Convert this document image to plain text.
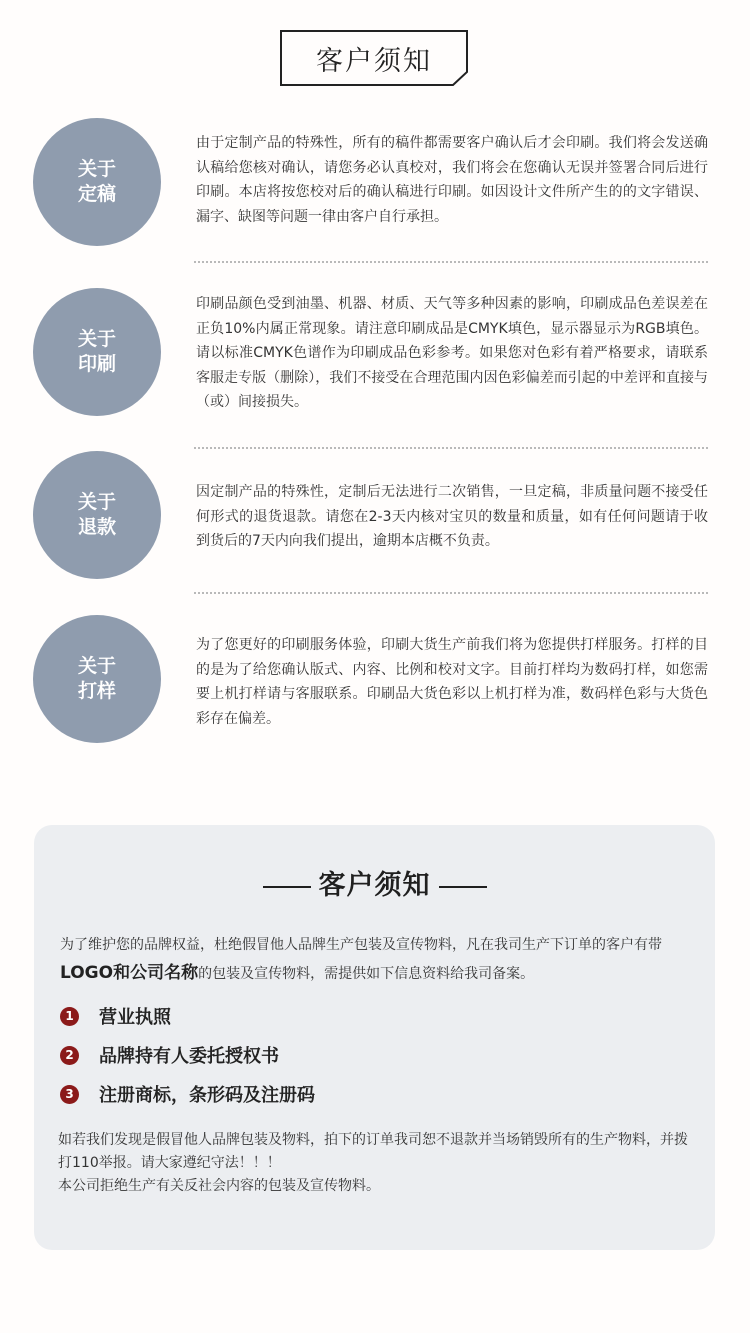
客户须知
关于
定稿
由于定制产品的特殊性，所有的稿件都需要客户确认后才会印刷。我们将会发送确认稿给您核对确认，请您务必认真校对，我们将会在您确认无误并签署合同后进行印刷。本店将按您校对后的确认稿进行印刷。如因设计文件所产生的的文字错误、漏字、缺图等问题一律由客户自行承担。
关于
印刷
印刷品颜色受到油墨、机器、材质、天气等多种因素的影响，印刷成品色差误差在正负10%内属正常现象。请注意印刷成品是CMYK填色，显示器显示为RGB填色。请以标准CMYK色谱作为印刷成品色彩参考。如果您对色彩有着严格要求，请联系客服走专版（删除），我们不接受在合理范围内因色彩偏差而引起的中差评和直接与（或）间接损失。
关于
退款
因定制产品的特殊性，定制后无法进行二次销售，一旦定稿，非质量问题不接受任何形式的退货退款。请您在2-3天内核对宝贝的数量和质量，如有任何问题请于收到货后的7天内向我们提出，逾期本店概不负责。
关于
打样
为了您更好的印刷服务体验，印刷大货生产前我们将为您提供打样服务。打样的目的是为了给您确认版式、内容、比例和校对文字。目前打样均为数码打样，如您需要上机打样请与客服联系。印刷品大货色彩以上机打样为准，数码样色彩与大货色彩存在偏差。
客户须知
为了维护您的品牌权益，杜绝假冒他人品牌生产包装及宣传物料，凡在我司生产下订单的客户有带LOGO和公司名称的包装及宣传物料，需提供如下信息资料给我司备案。
1 营业执照
2 品牌持有人委托授权书
3 注册商标，条形码及注册码
如若我们发现是假冒他人品牌包装及物料，拍下的订单我司恕不退款并当场销毁所有的生产物料，并拨打110举报。请大家遵纪守法！！！
本公司拒绝生产有关反社会内容的包装及宣传物料。
